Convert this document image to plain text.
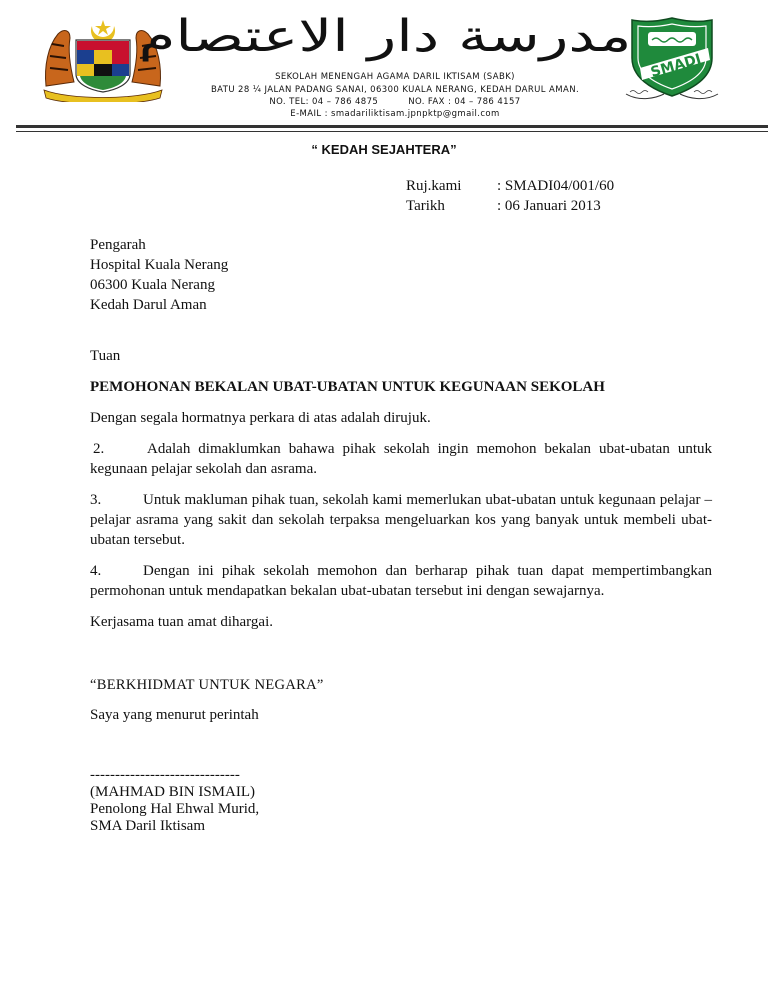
مدرسة دار الاعتصام
SMADI
SEKOLAH MENENGAH AGAMA DARIL IKTISAM (SABK)
BATU 28 ¼ JALAN PADANG SANAI, 06300 KUALA NERANG, KEDAH DARUL AMAN.
NO. TEL: 04 – 786 4875	NO. FAX : 04 – 786 4157
E-MAIL : smadariliktisam.jpnpktp@gmail.com
“ KEDAH SEJAHTERA”
Ruj.kami : SMADI04/001/60
Tarikh	: 06 Januari 2013
Pengarah
Hospital Kuala Nerang
06300 Kuala Nerang
Kedah Darul Aman
Tuan
PEMOHONAN BEKALAN UBAT-UBATAN UNTUK KEGUNAAN SEKOLAH
Dengan segala hormatnya perkara di atas adalah dirujuk.
2.	Adalah dimaklumkan bahawa pihak sekolah ingin memohon bekalan ubat-ubatan untuk kegunaan pelajar sekolah dan asrama.
3.	Untuk makluman pihak tuan, sekolah kami memerlukan ubat-ubatan untuk kegunaan pelajar – pelajar asrama yang sakit dan sekolah terpaksa mengeluarkan kos yang banyak untuk membeli ubat-ubatan tersebut.
4.	Dengan ini pihak sekolah memohon dan berharap pihak tuan dapat mempertimbangkan permohonan untuk mendapatkan bekalan ubat-ubatan tersebut ini dengan sewajarnya.
Kerjasama tuan amat dihargai.
“BERKHIDMAT UNTUK NEGARA”
Saya yang menurut perintah
------------------------------
(MAHMAD BIN ISMAIL)
Penolong Hal Ehwal Murid,
SMA Daril Iktisam
